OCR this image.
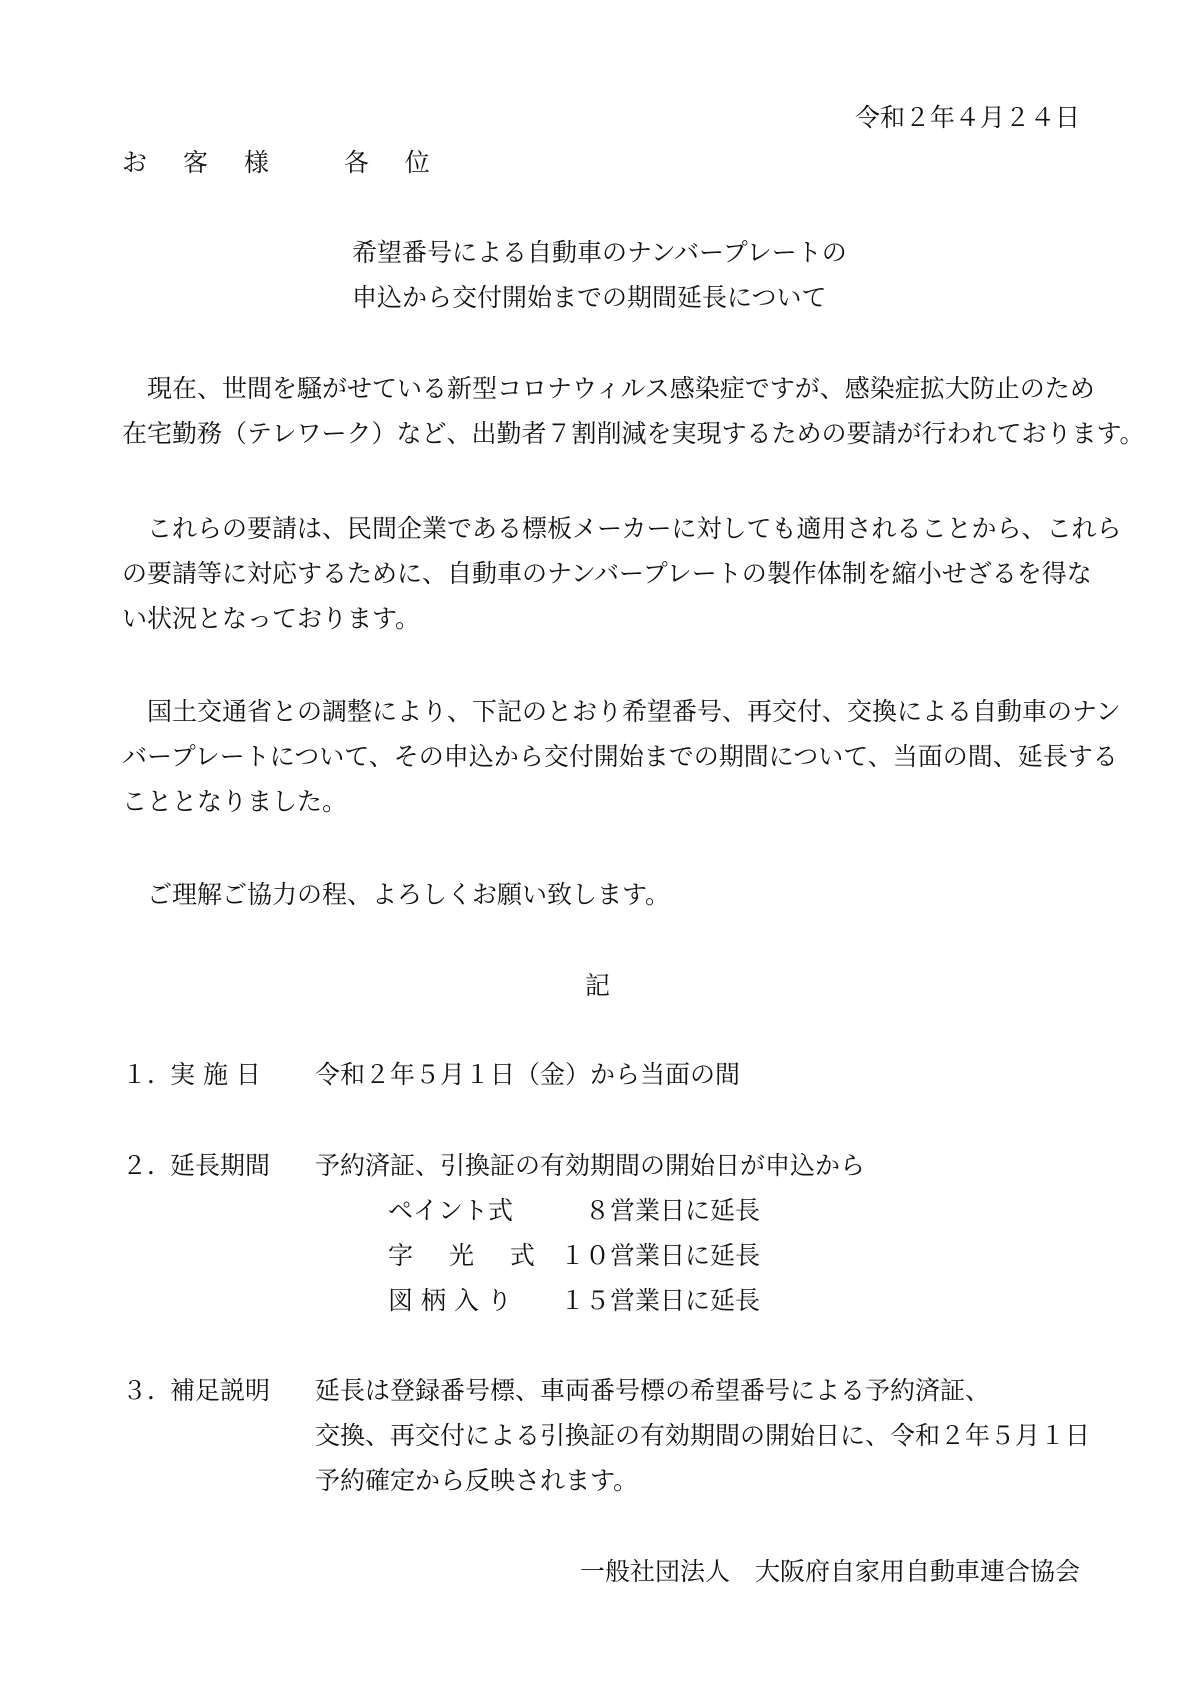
令和２年４月２４日
お 客 様　 各 位
希望番号による自動車のナンバープレートの
申込から交付開始までの期間延長について
　現在、世間を騒がせている新型コロナウィルス感染症ですが、感染症拡大防止のため
在宅勤務（テレワーク）など、出勤者７割削減を実現するための要請が行われております。
　これらの要請は、民間企業である標板メーカーに対しても適用されることから、これら
の要請等に対応するために、自動車のナンバープレートの製作体制を縮小せざるを得な
い状況となっております。
　国土交通省との調整により、下記のとおり希望番号、再交付、交換による自動車のナン
バープレートについて、その申込から交付開始までの期間について、当面の間、延長する
こととなりました。
　ご理解ご協力の程、よろしくお願い致します。
記
１．
実 施 日 令和２年５月１日（金）から当面の間
２．
延長期間 予約済証、引換証の有効期間の開始日が申込から
ペイント式 　８営業日に延長
字 光 式 １０営業日に延長
図 柄 入 り １５営業日に延長
３．
補足説明 延長は登録番号標、車両番号標の希望番号による予約済証、
交換、再交付による引換証の有効期間の開始日に、令和２年５月１日
予約確定から反映されます。
一般社団法人　大阪府自家用自動車連合協会
